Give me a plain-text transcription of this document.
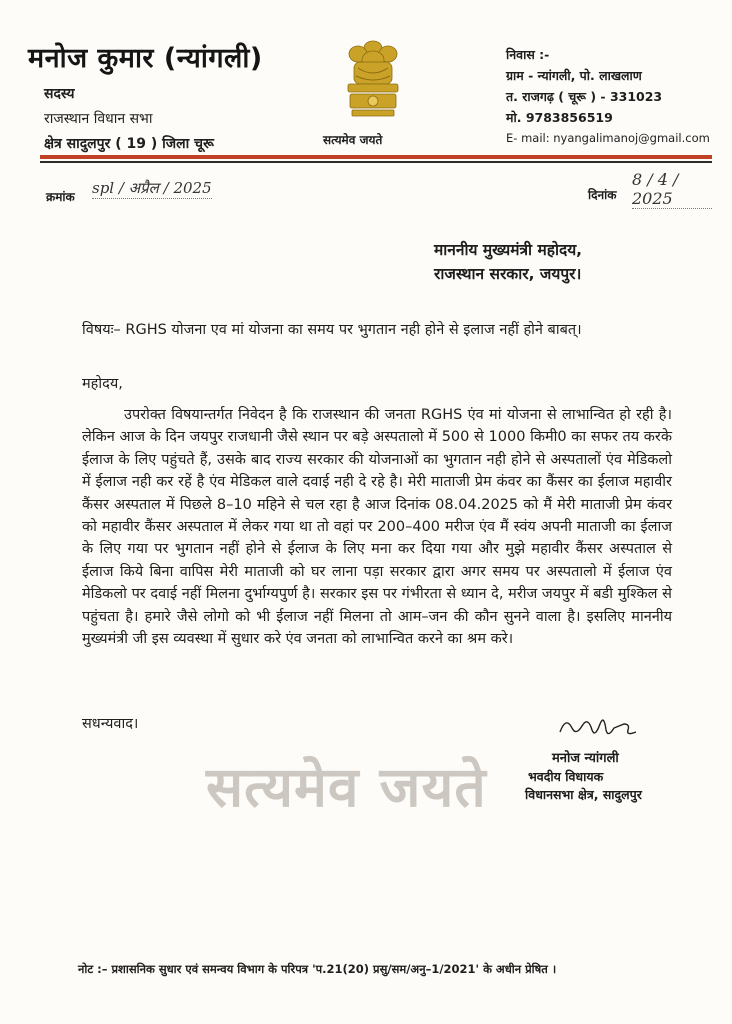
मनोज कुमार (न्यांगली)
सदस्य
राजस्थान विधान सभा
क्षेत्र सादुलपुर ( 19 ) जिला चूरू	सत्यमेव जयते
निवास :-
ग्राम - न्यांगली, पो. लाखलाण
त. राजगढ़ ( चूरू ) - 331023
मो. 9783856519
E- mail: nyangalimanoj@gmail.com
क्रमांक spl / अप्रैल / 2025	दिनांक
8 / 4 / 2025
माननीय मुख्यमंत्री महोदय,
राजस्थान सरकार, जयपुर।
विषयः– RGHS योजना एव मां योजना का समय पर भुगतान नही होने से इलाज नहीं होने बाबत्।
महोदय,
उपरोक्त विषयान्तर्गत निवेदन है कि राजस्थान की जनता RGHS एंव मां योजना से लाभान्वित हो रही है। लेकिन आज के दिन जयपुर राजधानी जैसे स्थान पर बड़े अस्पतालो में 500 से 1000 किमी0 का सफर तय करके ईलाज के लिए पहुंचते हैं, उसके बाद राज्य सरकार की योजनाओं का भुगतान नही होने से अस्पतालों एंव मेडिकलो में ईलाज नही कर रहें है एंव मेडिकल वाले दवाई नही दे रहे है। मेरी माताजी प्रेम कंवर का कैंसर का ईलाज महावीर कैंसर अस्पताल में पिछले 8–10 महिने से चल रहा है आज दिनांक 08.04.2025 को मैं मेरी माताजी प्रेम कंवर को महावीर कैंसर अस्पताल में लेकर गया था तो वहां पर 200–400 मरीज एंव मैं स्वंय अपनी माताजी का ईलाज के लिए गया पर भुगतान नहीं होने से ईलाज के लिए मना कर दिया गया और मुझे महावीर कैंसर अस्पताल से ईलाज किये बिना वापिस मेरी माताजी को घर लाना पड़ा सरकार द्वारा अगर समय पर अस्पतालो में ईलाज एंव मेडिकलो पर दवाई नहीं मिलना दुर्भाग्यपुर्ण है। सरकार इस पर गंभीरता से ध्यान दे, मरीज जयपुर में बडी मुश्किल से पहुंचता है। हमारे जैसे लोगो को भी ईलाज नहीं मिलना तो आम–जन की कौन सुनने वाला है। इसलिए माननीय मुख्यमंत्री जी इस व्यवस्था में सुधार करे एंव जनता को लाभान्वित करने का श्रम करे।
सधन्यवाद।
सत्यमेव जयते	मनोज न्यांगली
भवदीय विधायक
विधानसभा क्षेत्र, सादुलपुर
नोट :– प्रशासनिक सुधार एवं समन्वय विभाग के परिपत्र 'प.21(20) प्रसु/सम/अनु–1/2021' के अधीन प्रेषित ।
